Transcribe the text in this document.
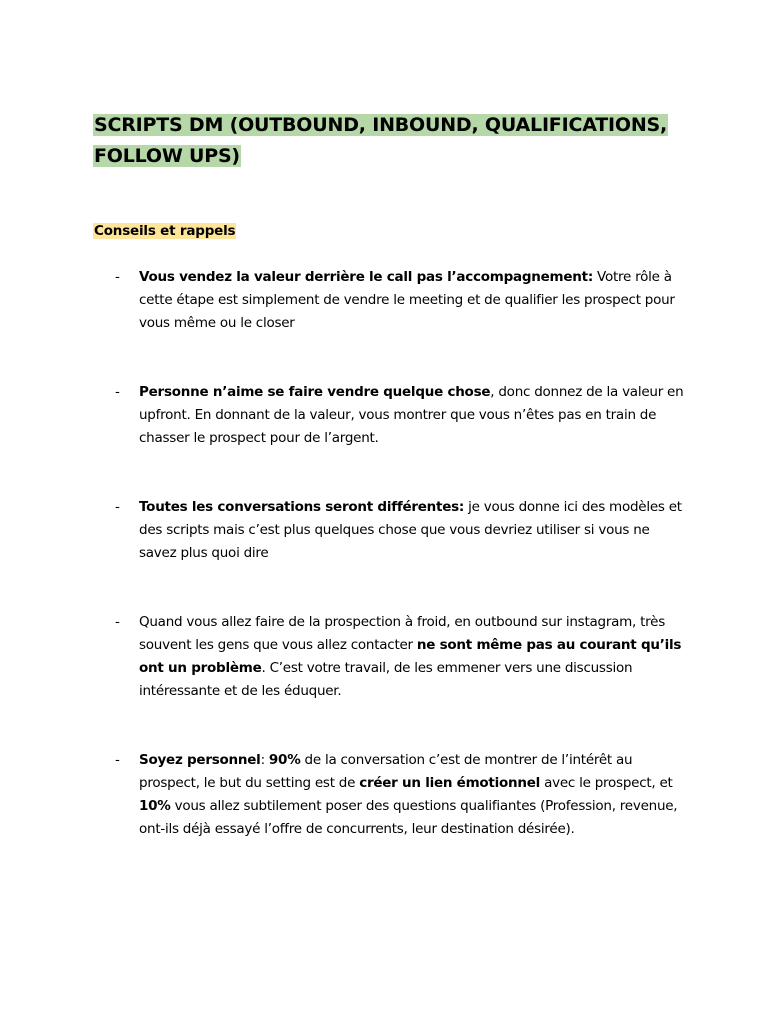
SCRIPTS DM (OUTBOUND, INBOUND, QUALIFICATIONS, FOLLOW UPS)
Conseils et rappels
- Vous vendez la valeur derrière le call pas l’accompagnement: Votre rôle à cette étape est simplement de vendre le meeting et de qualifier les prospect pour vous même ou le closer

- Personne n’aime se faire vendre quelque chose, donc donnez de la valeur en upfront. En donnant de la valeur, vous montrer que vous n’êtes pas en train de chasser le prospect pour de l’argent.

- Toutes les conversations seront différentes: je vous donne ici des modèles et des scripts mais c’est plus quelques chose que vous devriez utiliser si vous ne savez plus quoi dire

- Quand vous allez faire de la prospection à froid, en outbound sur instagram, très souvent les gens que vous allez contacter ne sont même pas au courant qu’ils ont un problème. C’est votre travail, de les emmener vers une discussion intéressante et de les éduquer.

- Soyez personnel: 90% de la conversation c’est de montrer de l’intérêt au prospect, le but du setting est de créer un lien émotionnel avec le prospect, et 10% vous allez subtilement poser des questions qualifiantes (Profession, revenue, ont-ils déjà essayé l’offre de concurrents, leur destination désirée).
